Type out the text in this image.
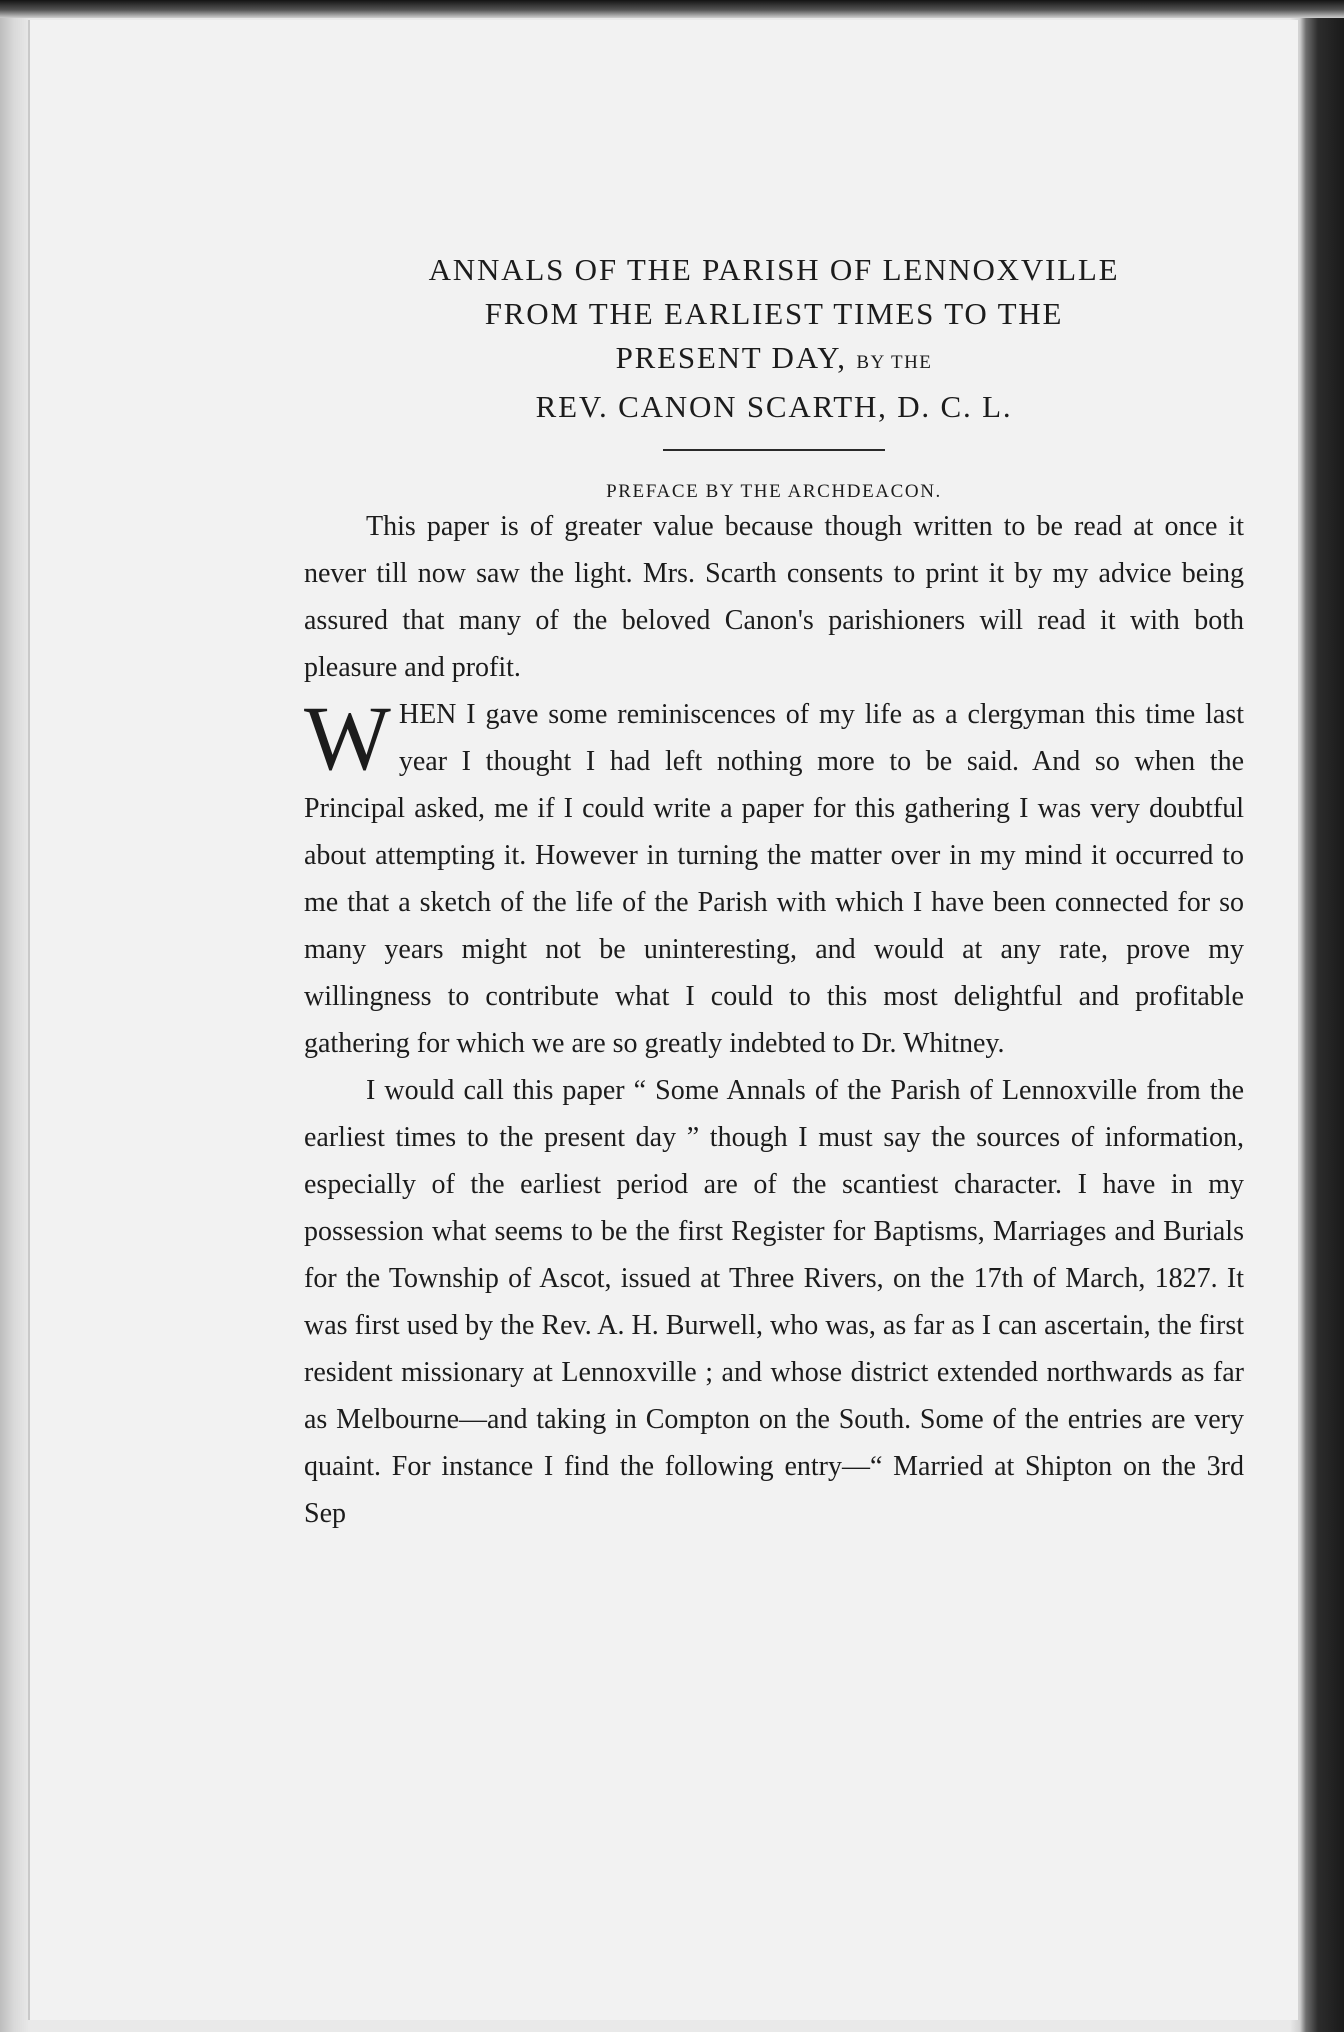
ANNALS OF THE PARISH OF LENNOXVILLE
FROM THE EARLIEST TIMES TO THE
PRESENT DAY, BY THE
REV. CANON SCARTH, D. C. L.
PREFACE BY THE ARCHDEACON.

This paper is of greater value because though written to be read at once it never till now saw the light. Mrs. Scarth consents to print it by my advice being assured that many of the beloved Canon's parishioners will read it with both pleasure and profit.

WHEN I gave some reminiscences of my life as a clergyman this time last year I thought I had left nothing more to be said. And so when the Principal asked, me if I could write a paper for this gathering I was very doubtful about attempting it. However in turning the matter over in my mind it occurred to me that a sketch of the life of the Parish with which I have been connected for so many years might not be uninteresting, and would at any rate, prove my willingness to contribute what I could to this most delightful and profitable gathering for which we are so greatly indebted to Dr. Whitney.

I would call this paper “ Some Annals of the Parish of Lennoxville from the earliest times to the present day ” though I must say the sources of information, especially of the earliest period are of the scantiest character. I have in my possession what seems to be the first Register for Baptisms, Marriages and Burials for the Township of Ascot, issued at Three Rivers, on the 17th of March, 1827. It was first used by the Rev. A. H. Burwell, who was, as far as I can ascertain, the first resident missionary at Lennoxville ; and whose district extended northwards as far as Melbourne—and taking in Compton on the South. Some of the entries are very quaint. For instance I find the following entry—“ Married at Shipton on the 3rd Sep
